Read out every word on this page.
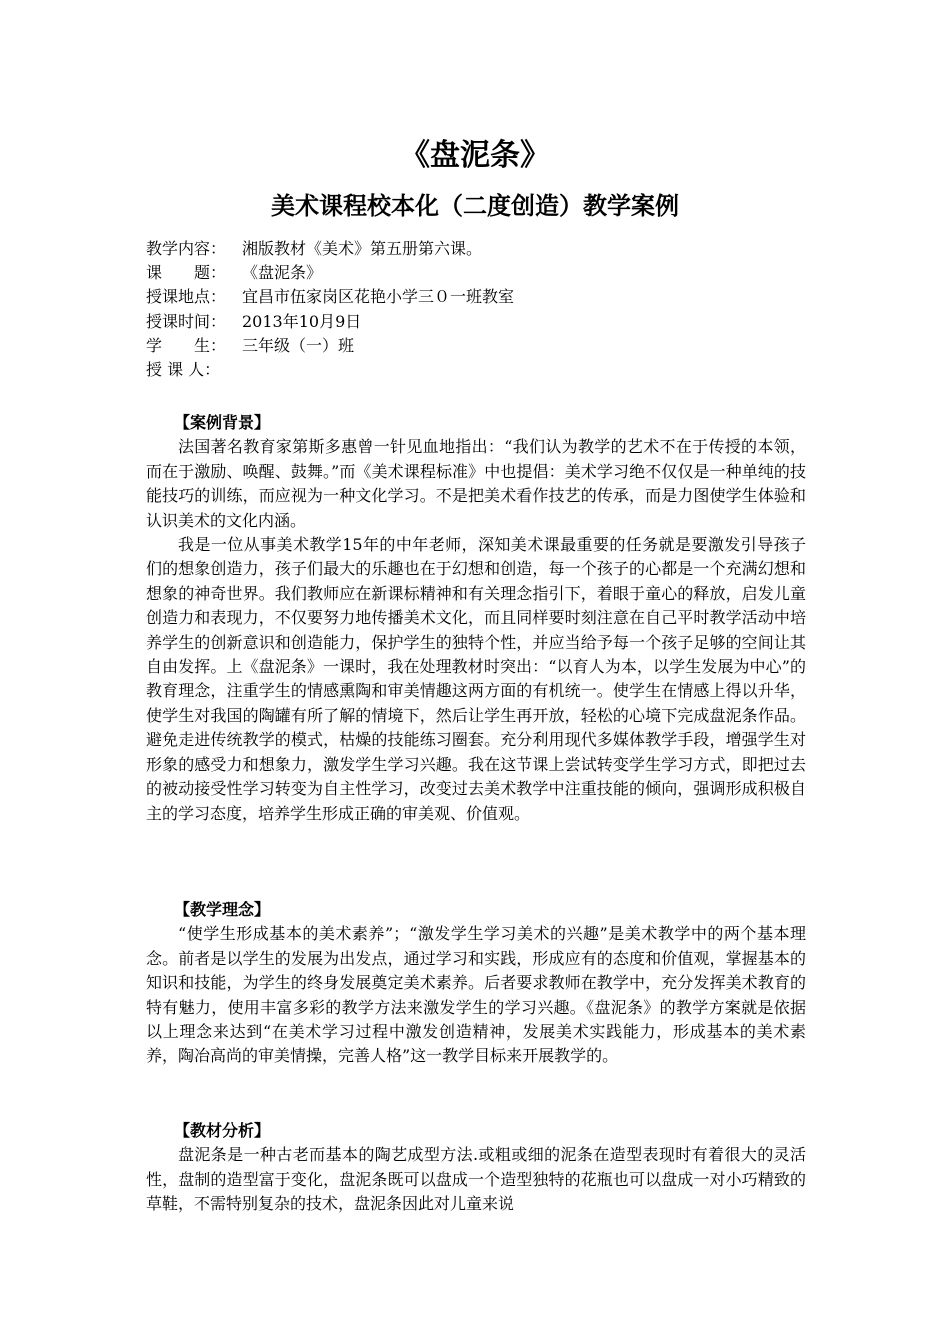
《盘泥条》
美术课程校本化（二度创造）教学案例
教学内容： 湘版教材《美术》第五册第六课。
课　　题： 《盘泥条》
授课地点： 宜昌市伍家岗区花艳小学三０一班教室
授课时间： 2013年10月9日
学　　生： 三年级（一）班
授 课 人：
【案例背景】

法国著名教育家第斯多惠曾一针见血地指出：“我们认为教学的艺术不在于传授的本领，而在于激励、唤醒、鼓舞。”而《美术课程标准》中也提倡：美术学习绝不仅仅是一种单纯的技能技巧的训练，而应视为一种文化学习。不是把美术看作技艺的传承，而是力图使学生体验和认识美术的文化内涵。

我是一位从事美术教学15年的中年老师，深知美术课最重要的任务就是要激发引导孩子们的想象创造力，孩子们最大的乐趣也在于幻想和创造，每一个孩子的心都是一个充满幻想和想象的神奇世界。我们教师应在新课标精神和有关理念指引下，着眼于童心的释放，启发儿童创造力和表现力，不仅要努力地传播美术文化，而且同样要时刻注意在自己平时教学活动中培养学生的创新意识和创造能力，保护学生的独特个性，并应当给予每一个孩子足够的空间让其自由发挥。上《盘泥条》一课时，我在处理教材时突出：“以育人为本，以学生发展为中心”的教育理念，注重学生的情感熏陶和审美情趣这两方面的有机统一。使学生在情感上得以升华，使学生对我国的陶罐有所了解的情境下，然后让学生再开放，轻松的心境下完成盘泥条作品。避免走进传统教学的模式，枯燥的技能练习圈套。充分利用现代多媒体教学手段，增强学生对形象的感受力和想象力，激发学生学习兴趣。我在这节课上尝试转变学生学习方式，即把过去的被动接受性学习转变为自主性学习，改变过去美术教学中注重技能的倾向，强调形成积极自主的学习态度，培养学生形成正确的审美观、价值观。

【教学理念】

“使学生形成基本的美术素养”；“激发学生学习美术的兴趣”是美术教学中的两个基本理念。前者是以学生的发展为出发点，通过学习和实践，形成应有的态度和价值观，掌握基本的知识和技能，为学生的终身发展奠定美术素养。后者要求教师在教学中，充分发挥美术教育的特有魅力，使用丰富多彩的教学方法来激发学生的学习兴趣。《盘泥条》的教学方案就是依据以上理念来达到“在美术学习过程中激发创造精神，发展美术实践能力，形成基本的美术素养，陶冶高尚的审美情操，完善人格”这一教学目标来开展教学的。

【教材分析】

盘泥条是一种古老而基本的陶艺成型方法.或粗或细的泥条在造型表现时有着很大的灵活性，盘制的造型富于变化，盘泥条既可以盘成一个造型独特的花瓶也可以盘成一对小巧精致的草鞋，不需特别复杂的技术，盘泥条因此对儿童来说
